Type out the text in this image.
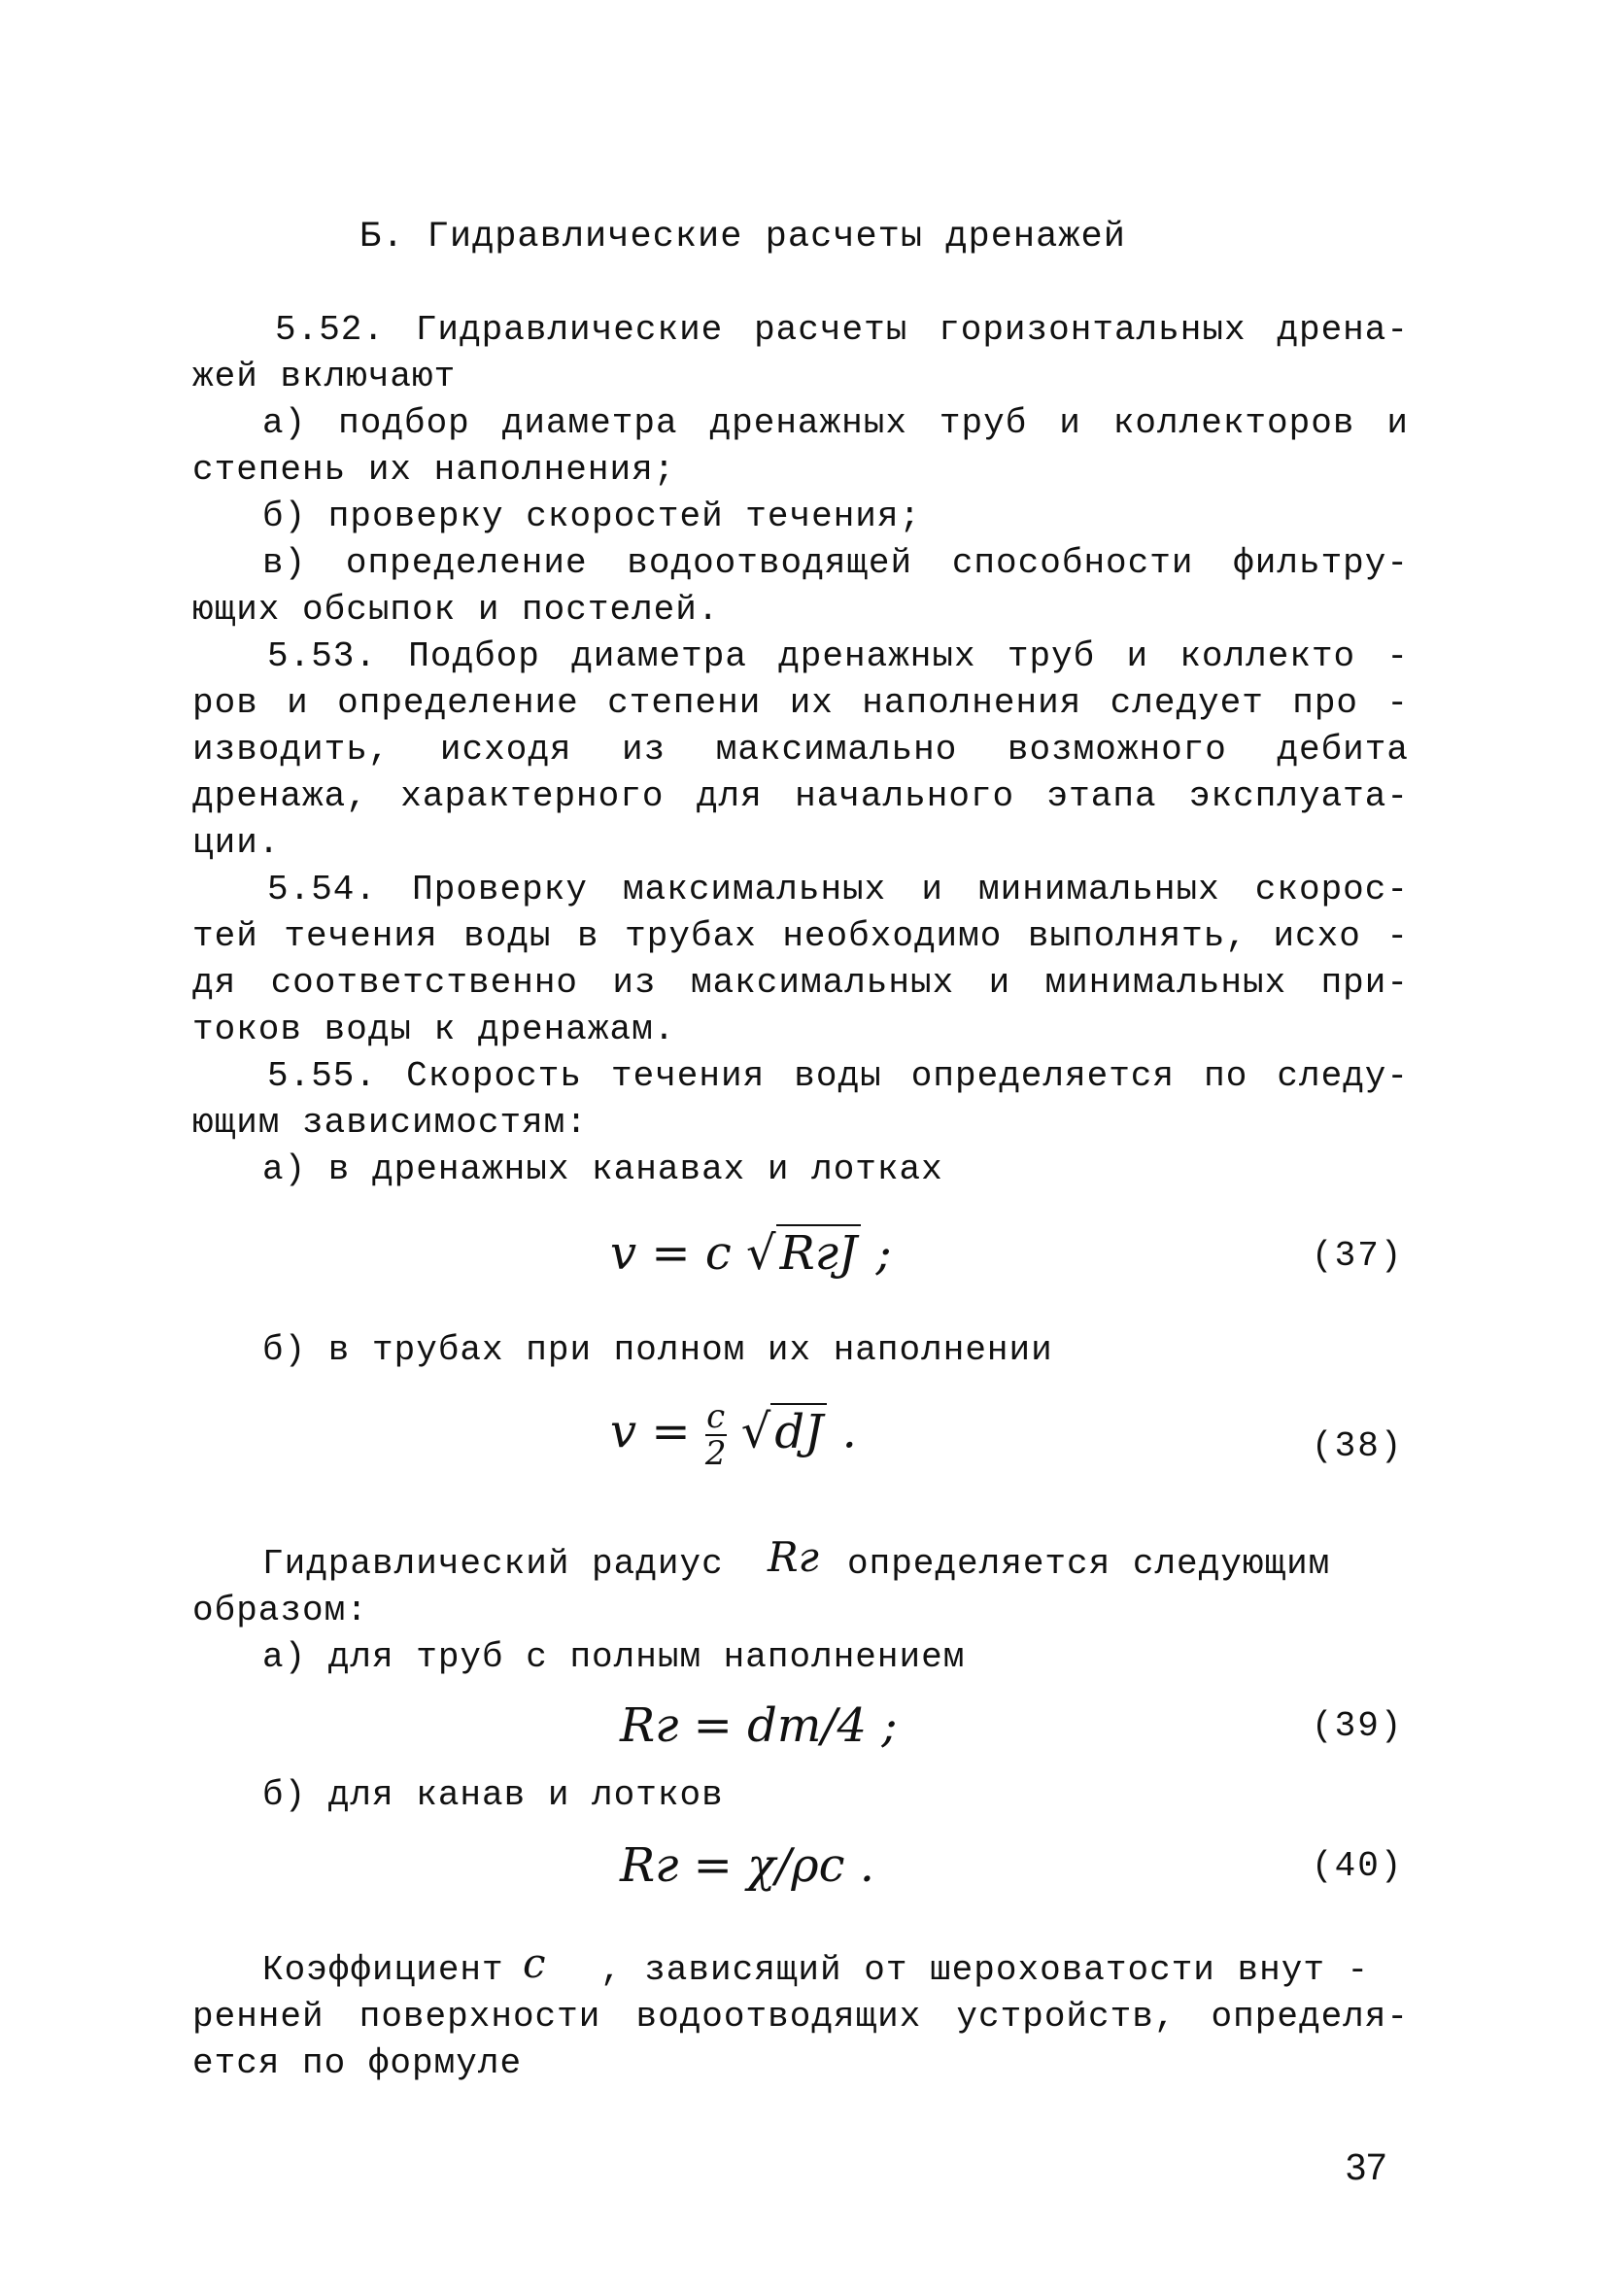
Б. Гидравлические расчеты дренажей
5.52. Гидравлические расчеты горизонтальных дрена-
жей включают
а) подбор диаметра дренажных труб и коллекторов и
степень их наполнения;
б) проверку скоростей течения;
в) определение водоотводящей способности фильтру-
ющих обсыпок и постелей.
5.53. Подбор диаметра дренажных труб и коллекто -
ров и определение степени их наполнения следует про -
изводить, исходя из максимально возможного дебита
дренажа, характерного для начального этапа эксплуата-
ции.
5.54. Проверку максимальных и минимальных скорос-
тей течения воды в трубах необходимо выполнять, исхо -
дя соответственно из максимальных и минимальных при-
токов воды к дренажам.
5.55. Скорость течения воды определяется по следу-
ющим зависимостям:
а) в дренажных канавах и лотках
v = c √RгJ ;	(37)
б) в трубах при полном их наполнении
$v = \frac{c}{2} √dJ$ .	(38)
Гидравлический радиус Rг определяется следующим
образом:
а) для труб с полным наполнением
Rг = dт/4 ;	(39)
б) для канав и лотков
Rг = χ/ρc .	(40)
Коэффициент c , зависящий от шероховатости внут -
ренней поверхности водоотводящих устройств, определя-
ется по формуле
37
